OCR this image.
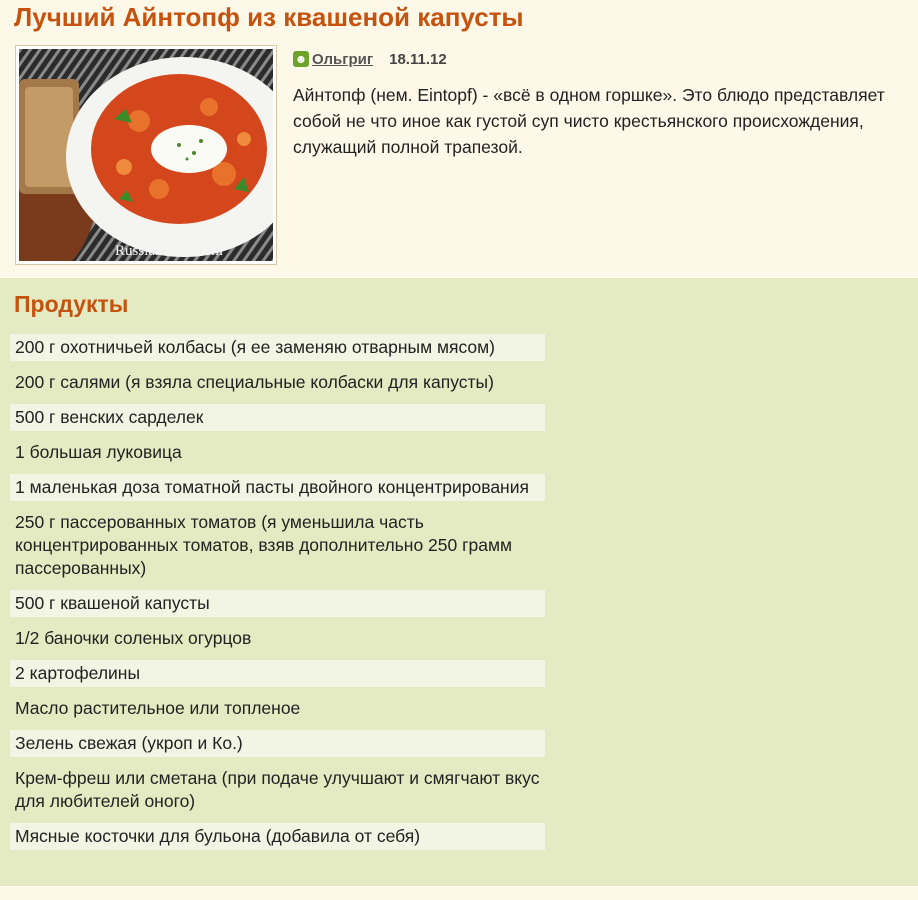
Лучший Айнтопф из квашеной капусты
RussianFood.com
☻ Ольгриг 18.11.12

Айнтопф (нем. Eintopf) - «всё в одном горшке». Это блюдо представляет собой не что иное как густой суп чисто крестьянского происхождения, служащий полной трапезой.

Продукты
200 г охотничьей колбасы (я ее заменяю отварным мясом)
200 г салями (я взяла специальные колбаски для капусты)
500 г венских сарделек
1 большая луковица
1 маленькая доза томатной пасты двойного концентрирования
250 г пассерованных томатов (я уменьшила часть концентрированных томатов, взяв дополнительно 250 грамм пассерованных)
500 г квашеной капусты
1/2 баночки соленых огурцов
2 картофелины
Масло растительное или топленое
Зелень свежая (укроп и Ко.)
Крем-фреш или сметана (при подаче улучшают и смягчают вкус для любителей оного)
Мясные косточки для бульона (добавила от себя)
